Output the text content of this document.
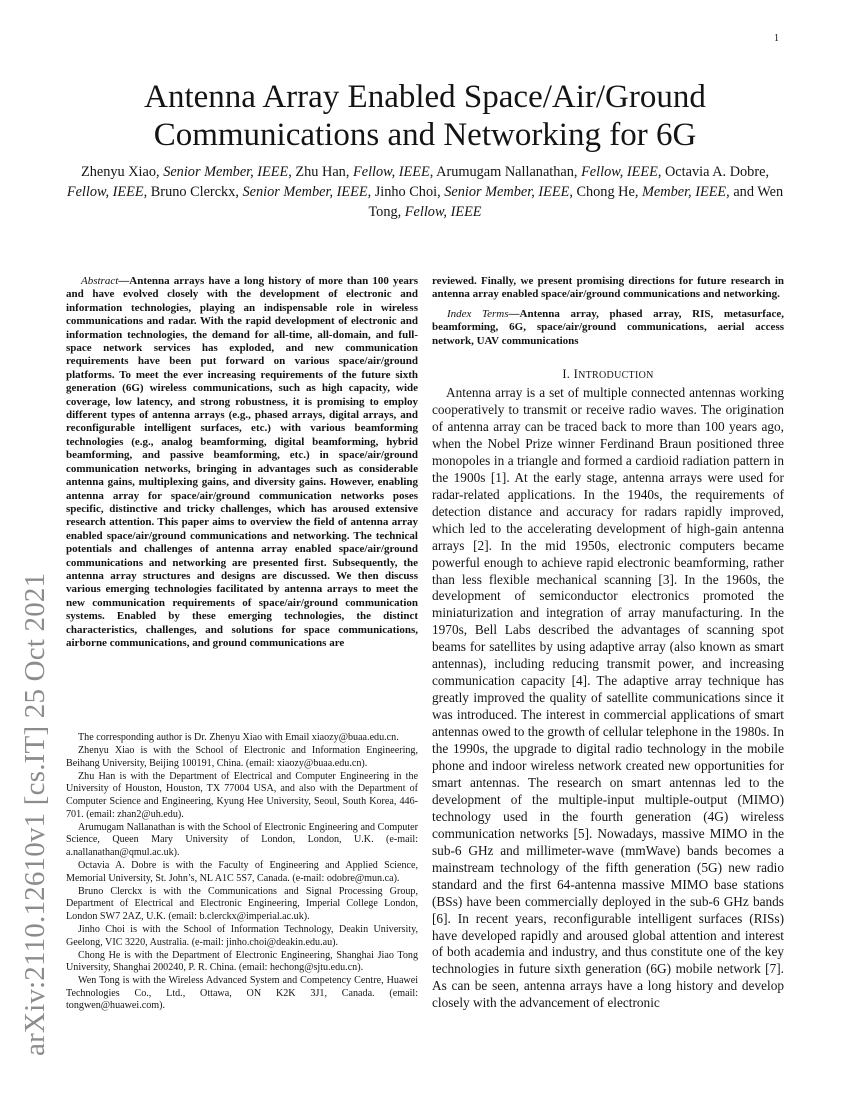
1
arXiv:2110.12610v1 [cs.IT] 25 Oct 2021
Antenna Array Enabled Space/Air/Ground Communications and Networking for 6G
Zhenyu Xiao, Senior Member, IEEE, Zhu Han, Fellow, IEEE, Arumugam Nallanathan, Fellow, IEEE, Octavia A. Dobre, Fellow, IEEE, Bruno Clerckx, Senior Member, IEEE, Jinho Choi, Senior Member, IEEE, Chong He, Member, IEEE, and Wen Tong, Fellow, IEEE

Abstract—Antenna arrays have a long history of more than 100 years and have evolved closely with the development of electronic and information technologies, playing an indispensable role in wireless communications and radar. With the rapid development of electronic and information technologies, the demand for all-time, all-domain, and full-space network services has exploded, and new communication requirements have been put forward on various space/air/ground platforms. To meet the ever increasing requirements of the future sixth generation (6G) wireless communications, such as high capacity, wide coverage, low latency, and strong robustness, it is promising to employ different types of antenna arrays (e.g., phased arrays, digital arrays, and reconfigurable intelligent surfaces, etc.) with various beamforming technologies (e.g., analog beamforming, digital beamforming, hybrid beamforming, and passive beamforming, etc.) in space/air/ground communication networks, bringing in advantages such as considerable antenna gains, multiplexing gains, and diversity gains. However, enabling antenna array for space/air/ground communication networks poses specific, distinctive and tricky challenges, which has aroused extensive research attention. This paper aims to overview the field of antenna array enabled space/air/ground communications and networking. The technical potentials and challenges of antenna array enabled space/air/ground communications and networking are presented first. Subsequently, the antenna array structures and designs are discussed. We then discuss various emerging technologies facilitated by antenna arrays to meet the new communication requirements of space/air/ground communication systems. Enabled by these emerging technologies, the distinct characteristics, challenges, and solutions for space communications, airborne communications, and ground communications are

The corresponding author is Dr. Zhenyu Xiao with Email xiaozy@buaa.edu.cn.

Zhenyu Xiao is with the School of Electronic and Information Engineering, Beihang University, Beijing 100191, China. (email: xiaozy@buaa.edu.cn).

Zhu Han is with the Department of Electrical and Computer Engineering in the University of Houston, Houston, TX 77004 USA, and also with the Department of Computer Science and Engineering, Kyung Hee University, Seoul, South Korea, 446-701. (email: zhan2@uh.edu).

Arumugam Nallanathan is with the School of Electronic Engineering and Computer Science, Queen Mary University of London, London, U.K. (e-mail: a.nallanathan@qmul.ac.uk).

Octavia A. Dobre is with the Faculty of Engineering and Applied Science, Memorial University, St. John’s, NL A1C 5S7, Canada. (e-mail: odobre@mun.ca).

Bruno Clerckx is with the Communications and Signal Processing Group, Department of Electrical and Electronic Engineering, Imperial College London, London SW7 2AZ, U.K. (email: b.clerckx@imperial.ac.uk).

Jinho Choi is with the School of Information Technology, Deakin University, Geelong, VIC 3220, Australia. (e-mail: jinho.choi@deakin.edu.au).

Chong He is with the Department of Electronic Engineering, Shanghai Jiao Tong University, Shanghai 200240, P. R. China. (email: hechong@sjtu.edu.cn).

Wen Tong is with the Wireless Advanced System and Competency Centre, Huawei Technologies Co., Ltd., Ottawa, ON K2K 3J1, Canada. (email: tongwen@huawei.com).

reviewed. Finally, we present promising directions for future research in antenna array enabled space/air/ground communications and networking.

Index Terms—Antenna array, phased array, RIS, metasurface, beamforming, 6G, space/air/ground communications, aerial access network, UAV communications

I. INTRODUCTION

Antenna array is a set of multiple connected antennas working cooperatively to transmit or receive radio waves. The origination of antenna array can be traced back to more than 100 years ago, when the Nobel Prize winner Ferdinand Braun positioned three monopoles in a triangle and formed a cardioid radiation pattern in the 1900s [1]. At the early stage, antenna arrays were used for radar-related applications. In the 1940s, the requirements of detection distance and accuracy for radars rapidly improved, which led to the accelerating development of high-gain antenna arrays [2]. In the mid 1950s, electronic computers became powerful enough to achieve rapid electronic beamforming, rather than less flexible mechanical scanning [3]. In the 1960s, the development of semiconductor electronics promoted the miniaturization and integration of array manufacturing. In the 1970s, Bell Labs described the advantages of scanning spot beams for satellites by using adaptive array (also known as smart antennas), including reducing transmit power, and increasing communication capacity [4]. The adaptive array technique has greatly improved the quality of satellite communications since it was introduced. The interest in commercial applications of smart antennas owed to the growth of cellular telephone in the 1980s. In the 1990s, the upgrade to digital radio technology in the mobile phone and indoor wireless network created new opportunities for smart antennas. The research on smart antennas led to the development of the multiple-input multiple-output (MIMO) technology used in the fourth generation (4G) wireless communication networks [5]. Nowadays, massive MIMO in the sub-6 GHz and millimeter-wave (mmWave) bands becomes a mainstream technology of the fifth generation (5G) new radio standard and the first 64-antenna massive MIMO base stations (BSs) have been commercially deployed in the sub-6 GHz bands [6]. In recent years, reconfigurable intelligent surfaces (RISs) have developed rapidly and aroused global attention and interest of both academia and industry, and thus constitute one of the key technologies in future sixth generation (6G) mobile network [7]. As can be seen, antenna arrays have a long history and develop closely with the advancement of electronic
